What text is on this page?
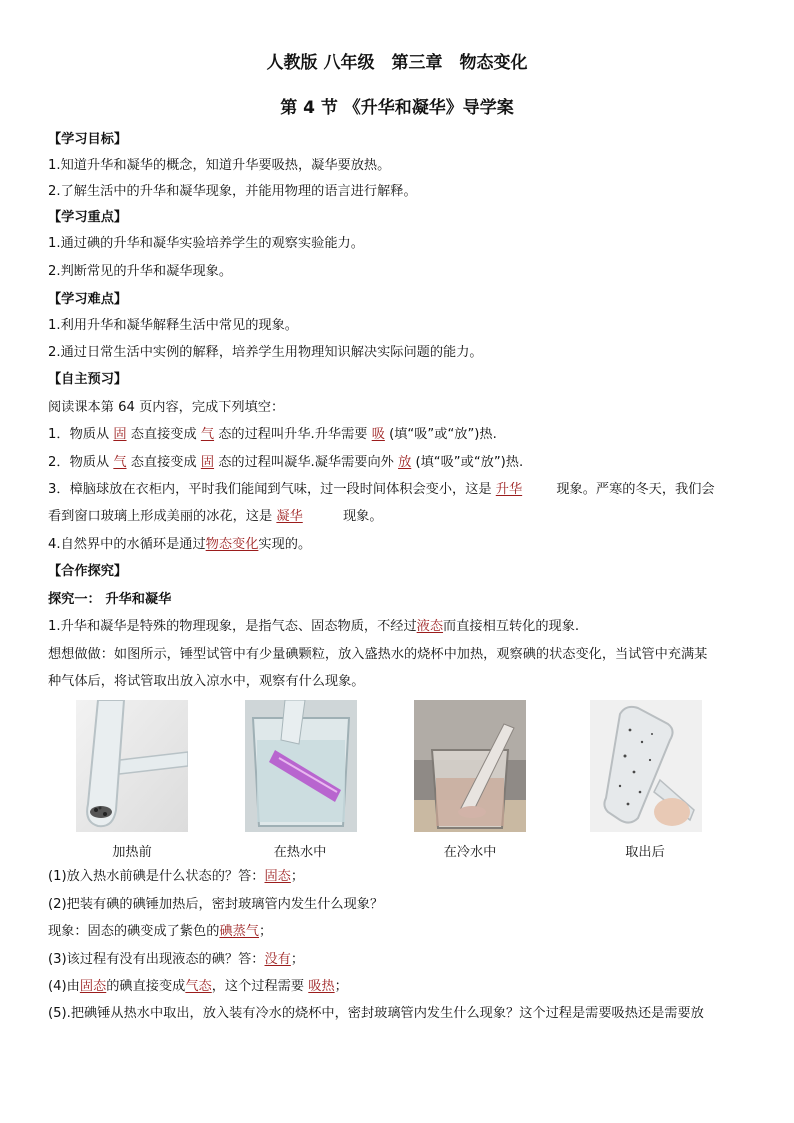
人教版 八年级　第三章　物态变化
第 4 节 《升华和凝华》导学案
【学习目标】
1.知道升华和凝华的概念，知道升华要吸热，凝华要放热。
2.了解生活中的升华和凝华现象，并能用物理的语言进行解释。
【学习重点】
1.通过碘的升华和凝华实验培养学生的观察实验能力。
2.判断常见的升华和凝华现象。
【学习难点】
1.利用升华和凝华解释生活中常见的现象。
2.通过日常生活中实例的解释，培养学生用物理知识解决实际问题的能力。
【自主预习】
阅读课本第 64 页内容，完成下列填空：
1．物质从 固 态直接变成 气 态的过程叫升华.升华需要 吸 (填“吸”或“放”)热.
2．物质从 气 态直接变成 固 态的过程叫凝华.凝华需要向外 放 (填“吸”或“放”)热.
3．樟脑球放在衣柜内，平时我们能闻到气味，过一段时间体积会变小，这是 升华 现象。严寒的冬天，我们会
看到窗口玻璃上形成美丽的冰花，这是 凝华	现象。
4.自然界中的水循环是通过物态变化实现的。
【合作探究】
探究一： 升华和凝华
1.升华和凝华是特殊的物理现象，是指气态、固态物质，不经过液态而直接相互转化的现象.
想想做做：如图所示，锤型试管中有少量碘颗粒，放入盛热水的烧杯中加热，观察碘的状态变化，当试管中充满某
种气体后，将试管取出放入凉水中，观察有什么现象。
加热前	在热水中	在冷水中	取出后
(1)放入热水前碘是什么状态的？答：固态；
(2)把装有碘的碘锤加热后，密封玻璃管内发生什么现象？
现象：固态的碘变成了紫色的碘蒸气；
(3)该过程有没有出现液态的碘？答：没有；
(4)由固态的碘直接变成气态，这个过程需要 吸热；
(5).把碘锤从热水中取出，放入装有冷水的烧杯中，密封玻璃管内发生什么现象？这个过程是需要吸热还是需要放
